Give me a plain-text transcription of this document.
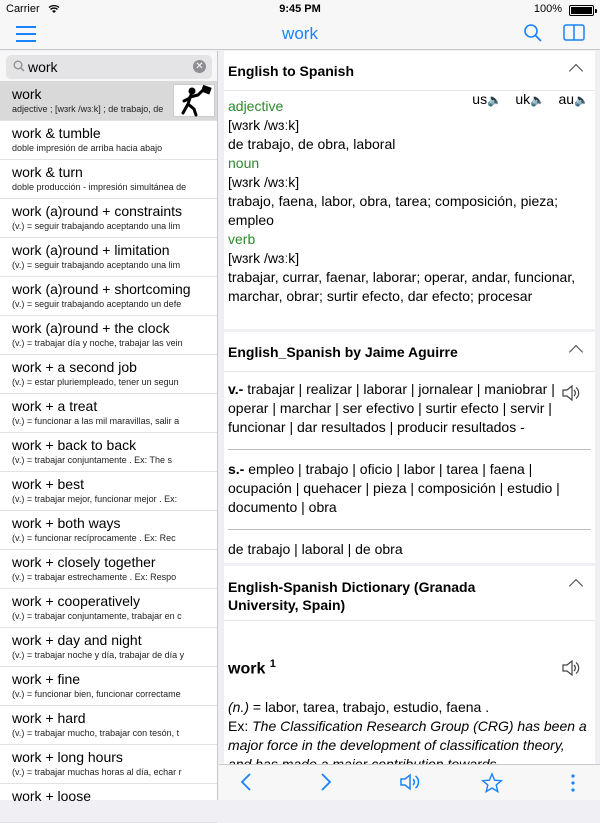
Carrier	9:45 PM	100%
work
work
✕
work
adjective ; [wɜrk /wɜːk] ; de trabajo, de
work & tumble
doble impresión de arriba hacia abajo
work & turn
doble producción - impresión simultánea de
work (a)round + constraints
(v.) = seguir trabajando aceptando una lim
work (a)round + limitation
(v.) = seguir trabajando aceptando una lim
work (a)round + shortcoming
(v.) = seguir trabajando aceptando un defe
work (a)round + the clock
(v.) = trabajar día y noche, trabajar las vein
work + a second job
(v.) = estar pluriempleado, tener un segun
work + a treat
(v.) = funcionar a las mil maravillas, salir a
work + back to back
(v.) = trabajar conjuntamente . Ex: The s
work + best
(v.) = trabajar mejor, funcionar mejor . Ex:
work + both ways
(v.) = funcionar recíprocamente . Ex: Rec
work + closely together
(v.) = trabajar estrechamente . Ex: Respo
work + cooperatively
(v.) = trabajar conjuntamente, trabajar en c
work + day and night
(v.) = trabajar noche y día, trabajar de día y
work + fine
(v.) = funcionar bien, funcionar correctame
work + hard
(v.) = trabajar mucho, trabajar con tesón, t
work + long hours
(v.) = trabajar muchas horas al día, echar r
work + loose
English to Spanish
us🔈 uk🔈 au🔈
adjective
[wɜrk /wɜːk]
de trabajo, de obra, laboral
noun
[wɜrk /wɜːk]
trabajo, faena, labor, obra, tarea; composición, pieza; empleo
verb
[wɜrk /wɜːk]
trabajar, currar, faenar, laborar; operar, andar, funcionar, marchar, obrar; surtir efecto, dar efecto; procesar
English_Spanish by Jaime Aguirre
v.- trabajar | realizar | laborar | jornalear | maniobrar | operar | marchar | ser efectivo | surtir efecto | servir | funcionar | dar resultados | producir resultados -
s.- empleo | trabajo | oficio | labor | tarea | faena | ocupación | quehacer | pieza | composición | estudio | documento | obra
de trabajo | laboral | de obra
English-Spanish Dictionary (Granada University, Spain)
work $^1$
(n.) = labor, tarea, trabajo, estudio, faena .
Ex: The Classification Research Group (CRG) has been a major force in the development of classification theory,
